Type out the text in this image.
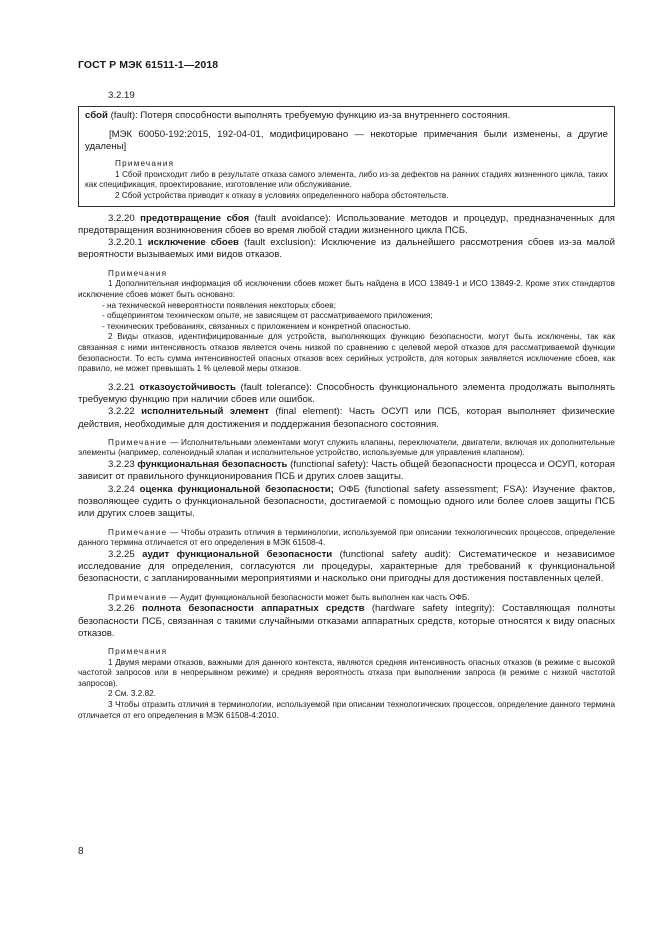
ГОСТ Р МЭК 61511-1—2018

3.2.19

сбой (fault): Потеря способности выполнять требуемую функцию из-за внутреннего состояния.

[МЭК 60050-192:2015, 192-04-01, модифицировано — некоторые примечания были изменены, а другие удалены]

Примечания

1 Сбой происходит либо в результате отказа самого элемента, либо из-за дефектов на ранних стадиях жизненного цикла, таких как спецификация, проектирование, изготовление или обслуживание.

2 Сбой устройства приводит к отказу в условиях определенного набора обстоятельств.

3.2.20 предотвращение сбоя (fault avoidance): Использование методов и процедур, предназначенных для предотвращения возникновения сбоев во время любой стадии жизненного цикла ПСБ.

3.2.20.1 исключение сбоев (fault exclusion): Исключение из дальнейшего рассмотрения сбоев из-за малой вероятности вызываемых ими видов отказов.

Примечания

1 Дополнительная информация об исключении сбоев может быть найдена в ИСО 13849-1 и ИСО 13849-2. Кроме этих стандартов исключение сбоев может быть основано:

- на технической невероятности появления некоторых сбоев;

- общепринятом техническом опыте, не зависящем от рассматриваемого приложения;

- технических требованиях, связанных с приложением и конкретной опасностью.

2 Виды отказов, идентифицированные для устройств, выполняющих функцию безопасности, могут быть исключены, так как связанная с ними интенсивность отказов является очень низкой по сравнению с целевой мерой отказов для рассматриваемой функции безопасности. То есть сумма интенсивностей опасных отказов всех серийных устройств, для которых заявляется исключение сбоев, как правило, не может превышать 1 % целевой меры отказов.

3.2.21 отказоустойчивость (fault tolerance): Способность функционального элемента продолжать выполнять требуемую функцию при наличии сбоев или ошибок.

3.2.22 исполнительный элемент (final element): Часть ОСУП или ПСБ, которая выполняет физические действия, необходимые для достижения и поддержания безопасного состояния.

Примечание — Исполнительными элементами могут служить клапаны, переключатели, двигатели, включая их дополнительные элементы (например, соленоидный клапан и исполнительное устройство, используемые для управления клапаном).

3.2.23 функциональная безопасность (functional safety): Часть общей безопасности процесса и ОСУП, которая зависит от правильного функционирования ПСБ и других слоев защиты.

3.2.24 оценка функциональной безопасности; ОФБ (functional safety assessment; FSA): Изучение фактов, позволяющее судить о функциональной безопасности, достигаемой с помощью одного или более слоев защиты ПСБ или других слоев защиты.

Примечание — Чтобы отразить отличия в терминологии, используемой при описании технологических процессов, определение данного термина отличается от его определения в МЭК 61508-4.

3.2.25 аудит функциональной безопасности (functional safety audit): Систематическое и независимое исследование для определения, согласуются ли процедуры, характерные для требований к функциональной безопасности, с запланированными мероприятиями и насколько они пригодны для достижения поставленных целей.

Примечание — Аудит функциональной безопасности может быть выполнен как часть ОФБ.

3.2.26 полнота безопасности аппаратных средств (hardware safety integrity): Составляющая полноты безопасности ПСБ, связанная с такими случайными отказами аппаратных средств, которые относятся к виду опасных отказов.

Примечания

1 Двумя мерами отказов, важными для данного контекста, являются средняя интенсивность опасных отказов (в режиме с высокой частотой запросов или в непрерывном режиме) и средняя вероятность отказа при выполнении запроса (в режиме с низкой частотой запросов).

2 См. 3.2.82.

3 Чтобы отразить отличия в терминологии, используемой при описании технологических процессов, определение данного термина отличается от его определения в МЭК 61508-4:2010.

8
